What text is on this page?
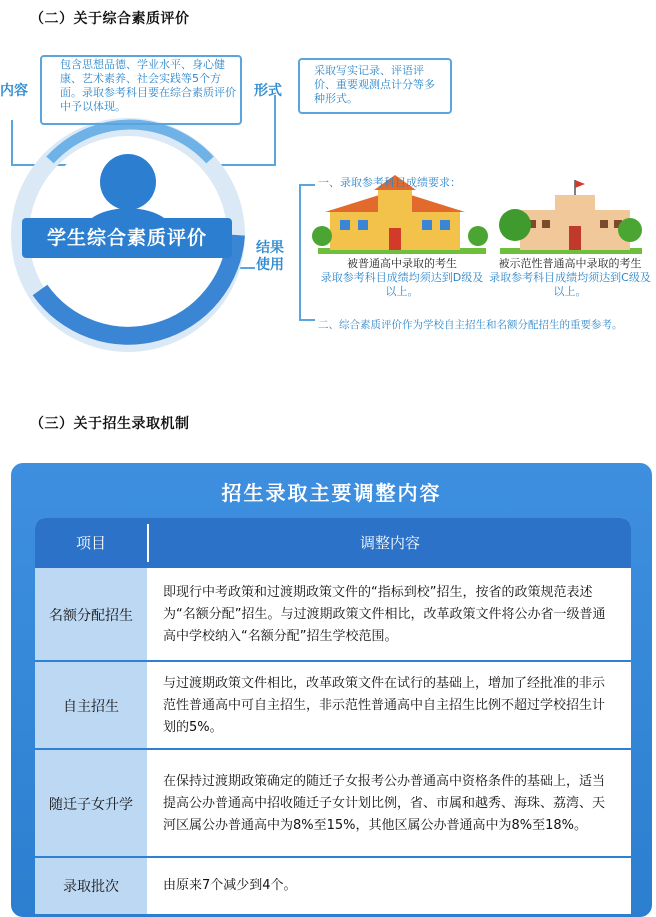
（二）关于综合素质评价
内容
包含思想品德、学业水平、身心健康、艺术素养、社会实践等5个方面。录取参考科目要在综合素质评价中予以体现。
形式
采取写实记录、评语评价、重要观测点计分等多种形式。
学生综合素质评价	结果使用
一、录取参考科目成绩要求：
被普通高中录取的考生
录取参考科目成绩均须达到D级及以上。
被示范性普通高中录取的考生
录取参考科目成绩均须达到C级及以上。
二、综合素质评价作为学校自主招生和名额分配招生的重要参考。
（三）关于招生录取机制
招生录取主要调整内容
项目	调整内容
名额分配招生
即现行中考政策和过渡期政策文件的“指标到校”招生，按省的政策规范表述为“名额分配”招生。与过渡期政策文件相比，改革政策文件将公办省一级普通高中学校纳入“名额分配”招生学校范围。
自主招生
与过渡期政策文件相比，改革政策文件在试行的基础上，增加了经批准的非示范性普通高中可自主招生，非示范性普通高中自主招生比例不超过学校招生计划的5%。
随迁子女升学
在保持过渡期政策确定的随迁子女报考公办普通高中资格条件的基础上，适当提高公办普通高中招收随迁子女计划比例，省、市属和越秀、海珠、荔湾、天河区属公办普通高中为8%至15%，其他区属公办普通高中为8%至18%。
录取批次	由原来7个减少到4个。
